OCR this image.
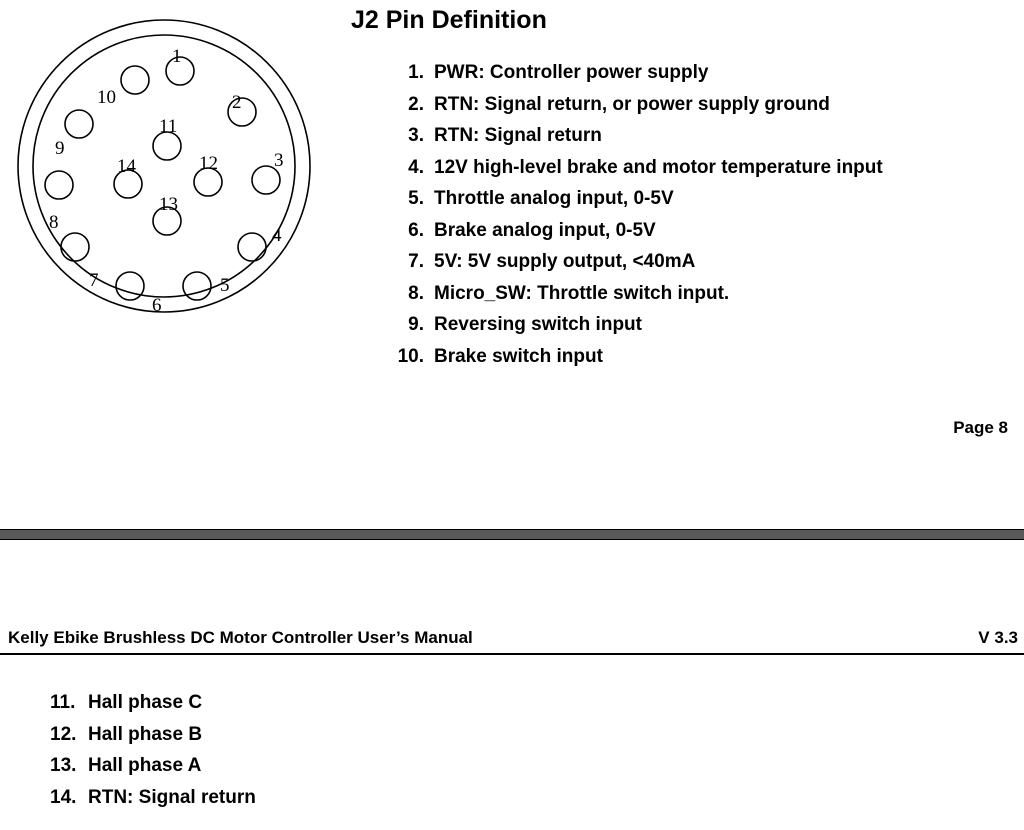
1
2
3
4
5
6
7
8
9
10
11
12
13
14
J2 Pin Definition
1. PWR: Controller power supply
2. RTN: Signal return, or power supply ground
3. RTN: Signal return
4. 12V high-level brake and motor temperature input
5. Throttle analog input, 0-5V
6. Brake analog input, 0-5V
7. 5V: 5V supply output, <40mA
8. Micro_SW: Throttle switch input.
9. Reversing switch input
10. Brake switch input
Page 8
Kelly Ebike Brushless DC Motor Controller User’s Manual	V 3.3
11. Hall phase C
12. Hall phase B
13. Hall phase A
14. RTN: Signal return
